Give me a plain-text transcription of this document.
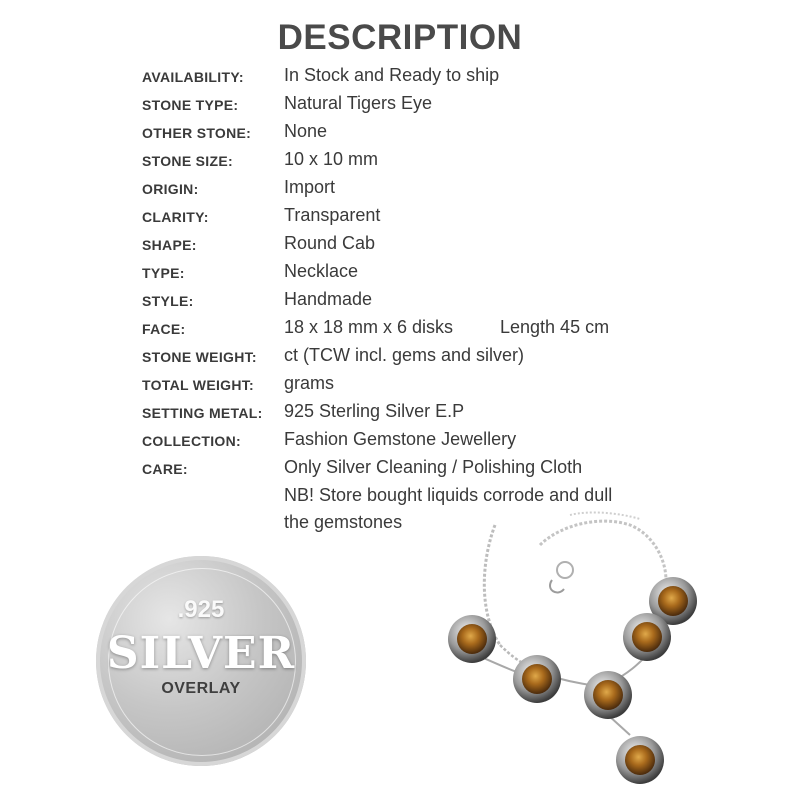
DESCRIPTION
AVAILABILITY: In Stock and Ready to ship
STONE TYPE:	Natural Tigers Eye
OTHER STONE: None
STONE SIZE:	10 x 10 mm
ORIGIN:	Import
CLARITY:	Transparent
SHAPE:	Round Cab
TYPE:	Necklace
STYLE:	Handmade
FACE:	18 x 18 mm x 6 disks	Length 45 cm
STONE WEIGHT: ct (TCW incl. gems and silver)
TOTAL WEIGHT: grams
SETTING METAL: 925 Sterling Silver E.P
COLLECTION: Fashion Gemstone Jewellery
CARE:	Only Silver Cleaning / Polishing Cloth
NB! Store bought liquids corrode and dull
the gemstones
.925
SILVER
OVERLAY
